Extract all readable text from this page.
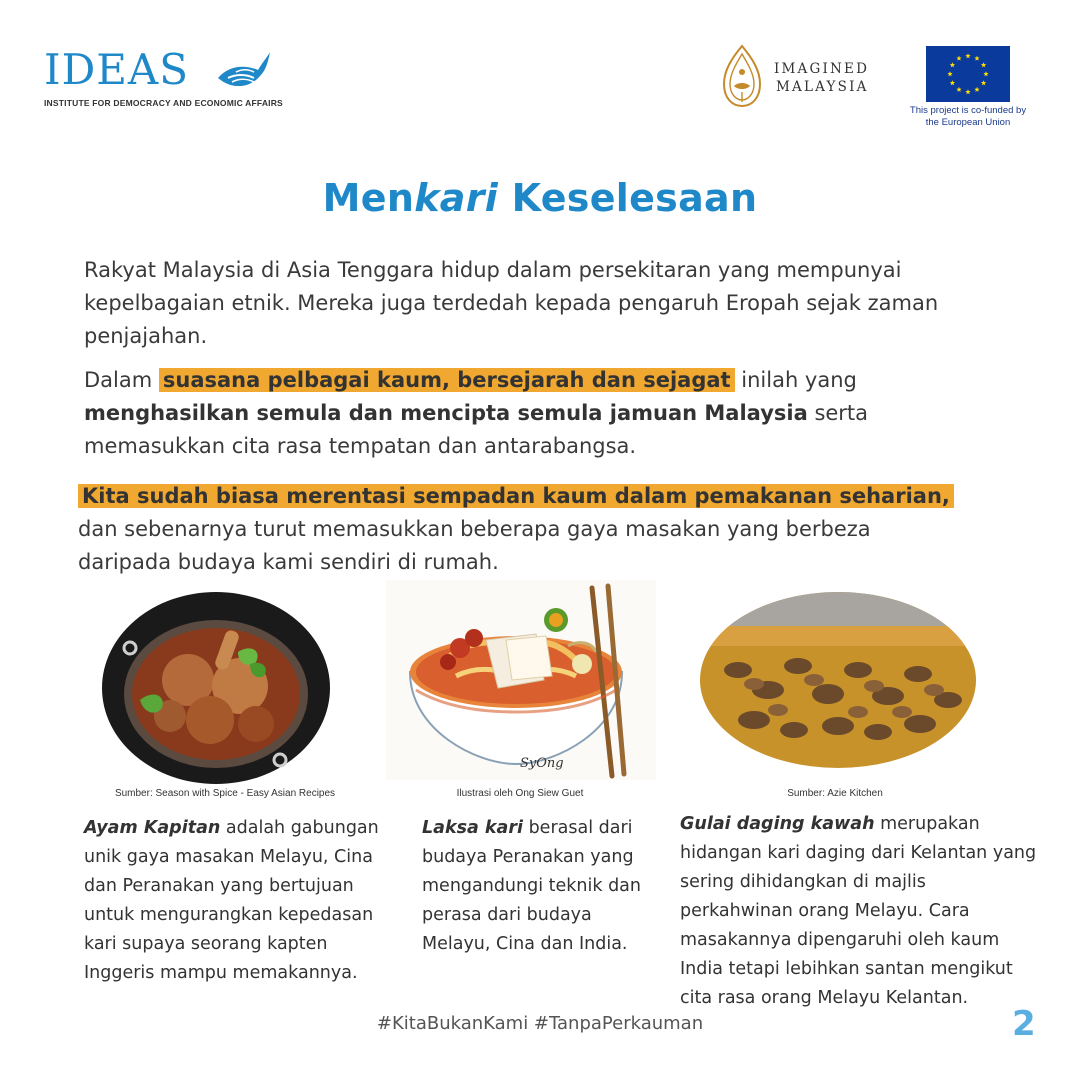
IDEAS
INSTITUTE FOR DEMOCRACY AND ECONOMIC AFFAIRS
IMAGINED
MALAYSIA
This project is co-funded by
the European Union
Menkari Keselesaan

Rakyat Malaysia di Asia Tenggara hidup dalam persekitaran yang mempunyai kepelbagaian etnik. Mereka juga terdedah kepada pengaruh Eropah sejak zaman penjajahan.

Dalam suasana pelbagai kaum, bersejarah dan sejagat inilah yang menghasilkan semula dan mencipta semula jamuan Malaysia serta memasukkan cita rasa tempatan dan antarabangsa.

Kita sudah biasa merentasi sempadan kaum dalam pemakanan seharian, dan sebenarnya turut memasukkan beberapa gaya masakan yang berbeza daripada budaya kami sendiri di rumah.

Sumber: Season with Spice - Easy Asian Recipes
SyOng
Ilustrasi oleh Ong Siew Guet	Sumber: Azie Kitchen

Ayam Kapitan adalah gabungan unik gaya masakan Melayu, Cina dan Peranakan yang bertujuan untuk mengurangkan kepedasan kari supaya seorang kapten Inggeris mampu memakannya.

Laksa kari berasal dari budaya Peranakan yang mengandungi teknik dan perasa dari budaya Melayu, Cina dan India.

Gulai daging kawah merupakan hidangan kari daging dari Kelantan yang sering dihidangkan di majlis perkahwinan orang Melayu. Cara masakannya dipengaruhi oleh kaum India tetapi lebihkan santan mengikut cita rasa orang Melayu Kelantan.

#KitaBukanKami #TanpaPerkauman	2
